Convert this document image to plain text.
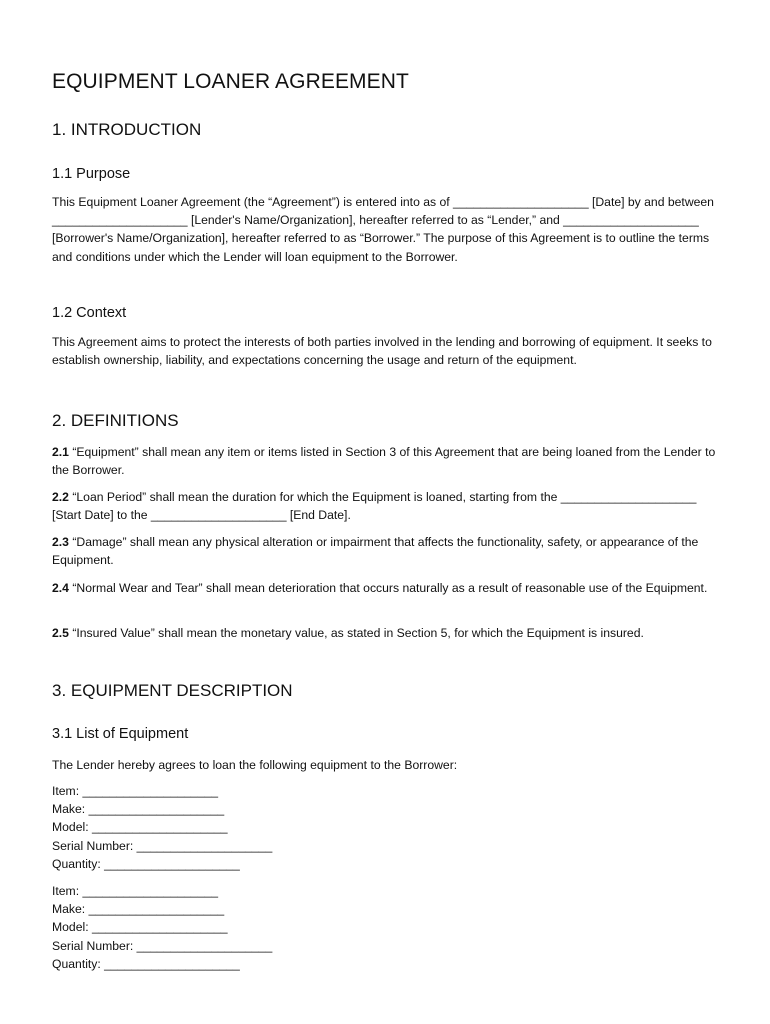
EQUIPMENT LOANER AGREEMENT
1. INTRODUCTION
1.1 Purpose

This Equipment Loaner Agreement (the “Agreement”) is entered into as of ____________________ [Date] by and between ____________________ [Lender's Name/Organization], hereafter referred to as “Lender,” and ____________________ [Borrower's Name/Organization], hereafter referred to as “Borrower.” The purpose of this Agreement is to outline the terms and conditions under which the Lender will loan equipment to the Borrower.

1.2 Context

This Agreement aims to protect the interests of both parties involved in the lending and borrowing of equipment. It seeks to establish ownership, liability, and expectations concerning the usage and return of the equipment.

2. DEFINITIONS

2.1 “Equipment” shall mean any item or items listed in Section 3 of this Agreement that are being loaned from the Lender to the Borrower.

2.2 “Loan Period” shall mean the duration for which the Equipment is loaned, starting from the ____________________ [Start Date] to the ____________________ [End Date].

2.3 “Damage” shall mean any physical alteration or impairment that affects the functionality, safety, or appearance of the Equipment.

2.4 “Normal Wear and Tear” shall mean deterioration that occurs naturally as a result of reasonable use of the Equipment.

2.5 “Insured Value” shall mean the monetary value, as stated in Section 5, for which the Equipment is insured.

3. EQUIPMENT DESCRIPTION
3.1 List of Equipment

The Lender hereby agrees to loan the following equipment to the Borrower:

Item: ____________________
Make: ____________________
Model: ____________________
Serial Number: ____________________
Quantity: ____________________
Item: ____________________
Make: ____________________
Model: ____________________
Serial Number: ____________________
Quantity: ____________________
